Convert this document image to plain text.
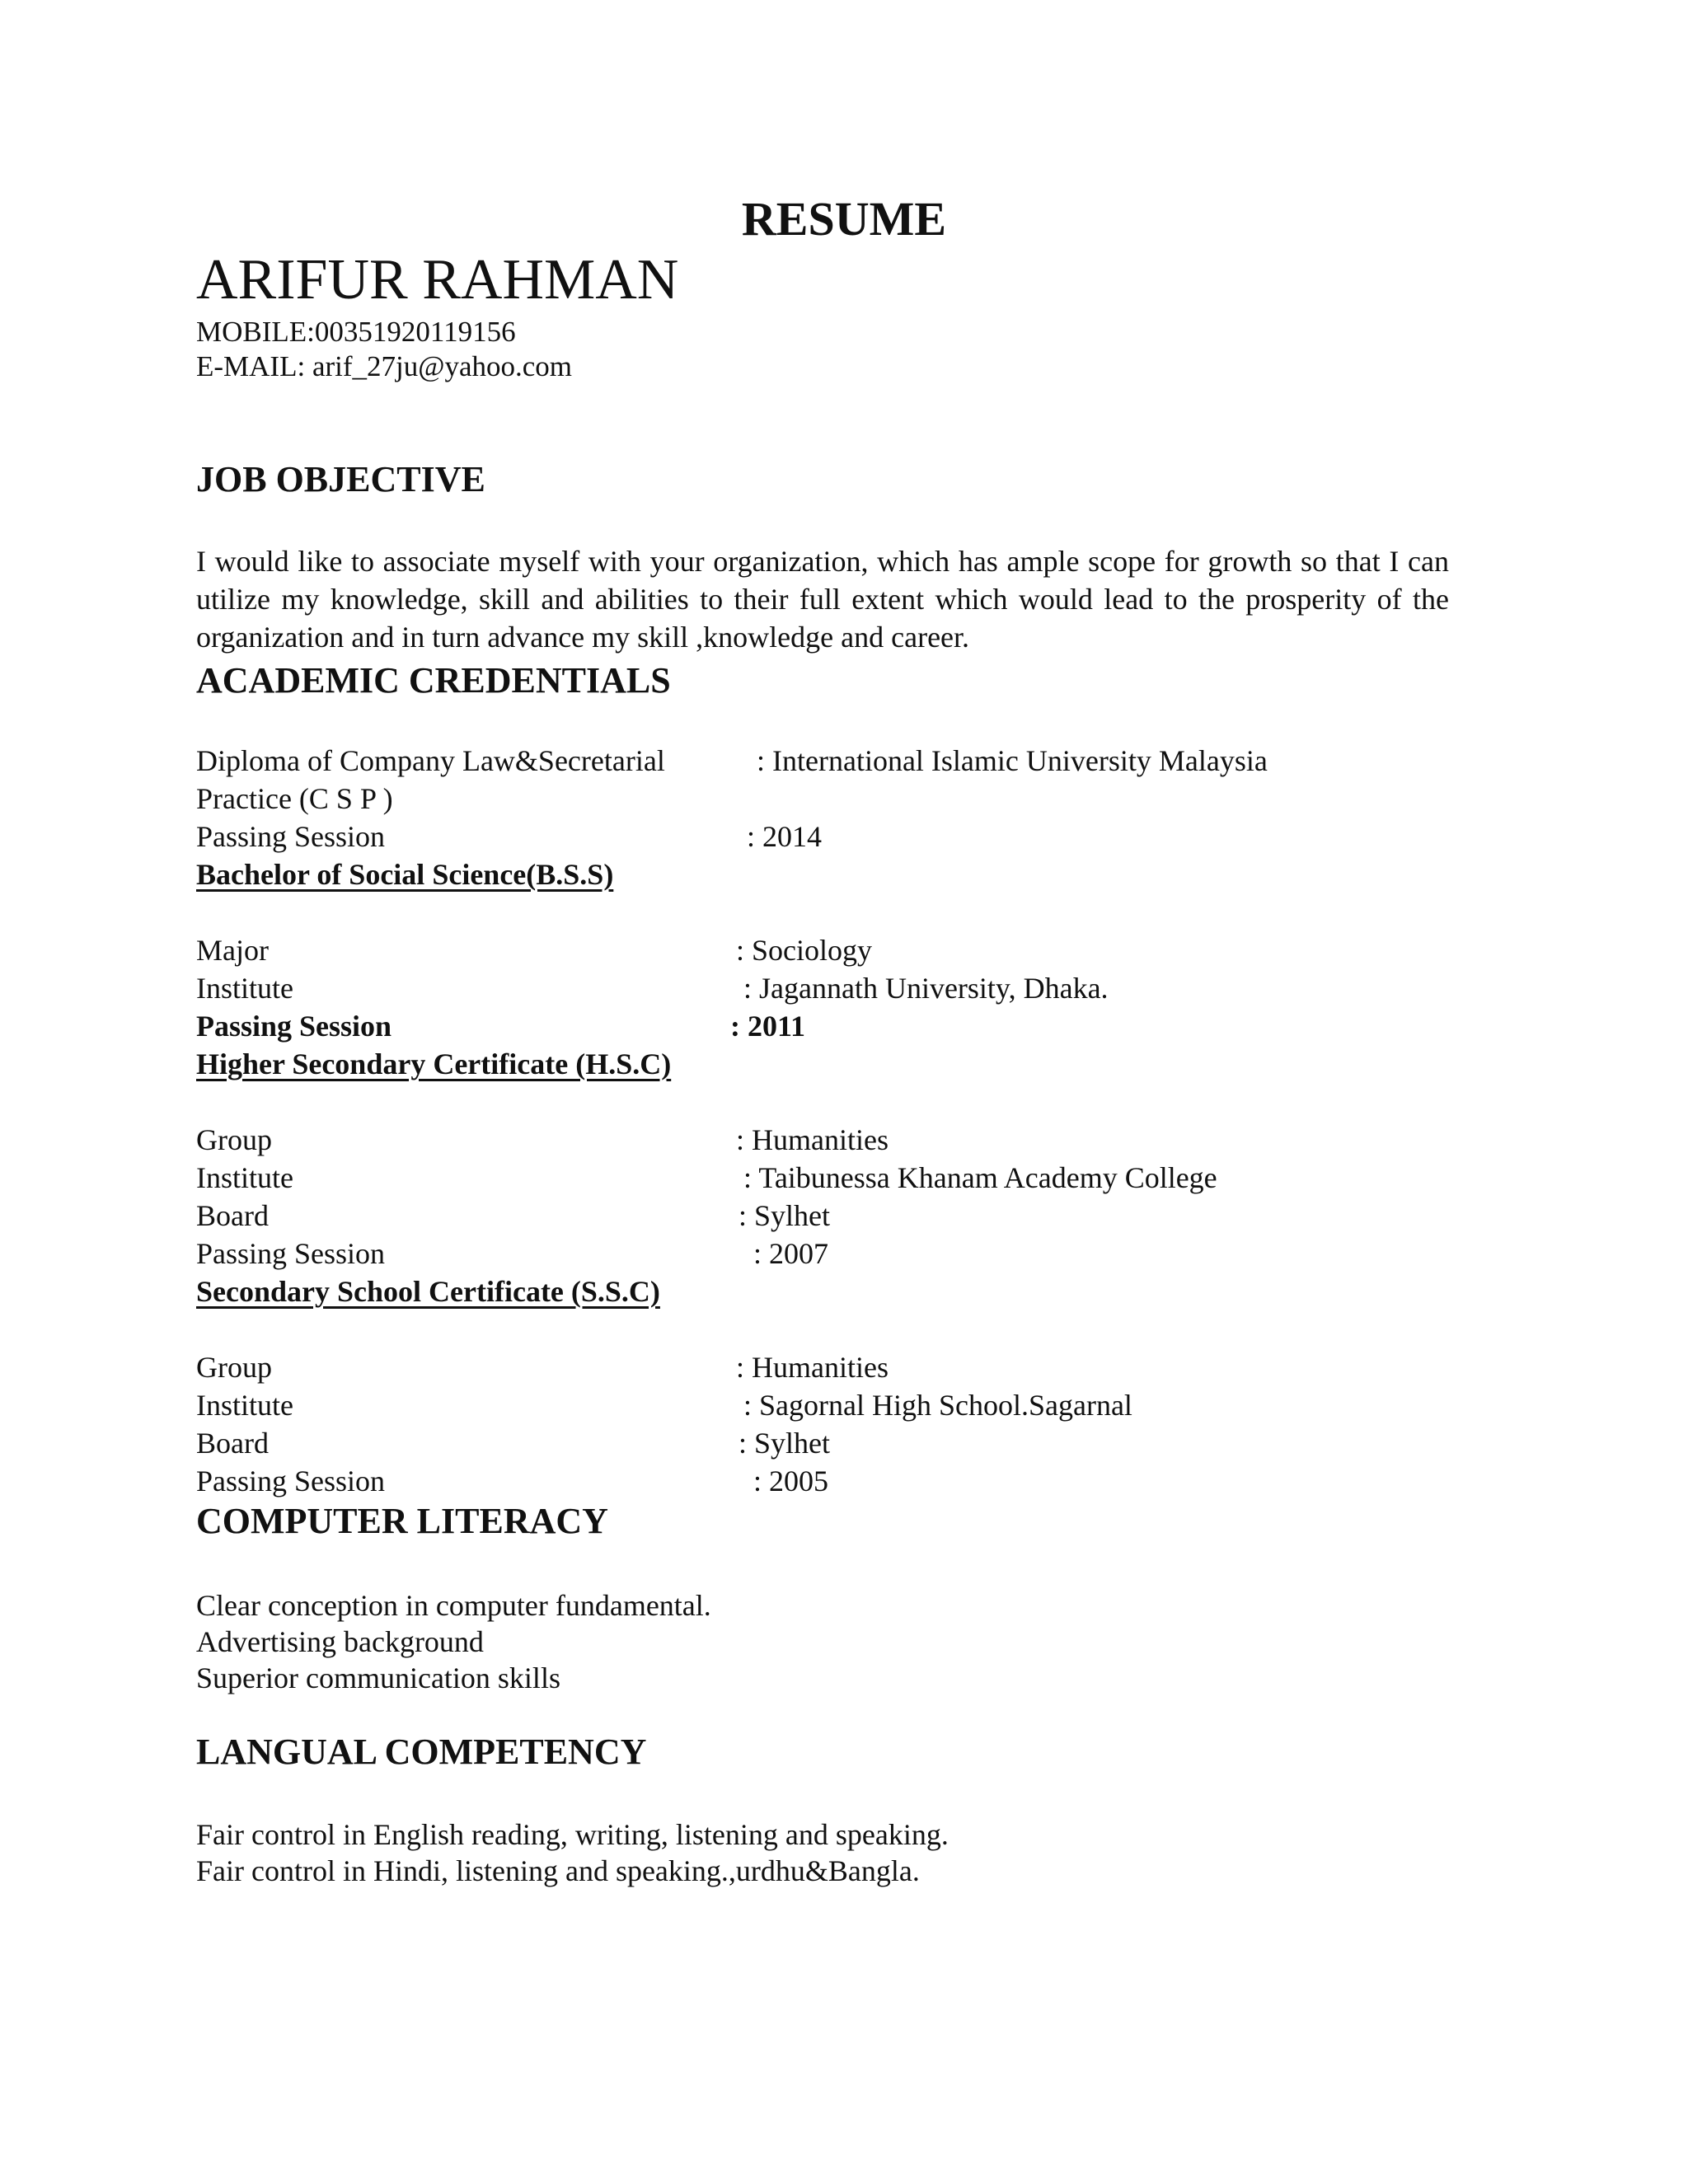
RESUME
ARIFUR RAHMAN
MOBILE:00351920119156
E-MAIL: arif_27ju@yahoo.com
JOB OBJECTIVE
I would like to associate myself with your organization, which has ample scope for growth so that I can utilize my knowledge, skill and abilities to their full extent which would lead to the prosperity of the organization and in turn advance my skill ,knowledge and career.
ACADEMIC CREDENTIALS
Diploma of Company Law&Secretarial	: International Islamic University Malaysia
Practice (C S P )
Passing Session	: 2014
Bachelor of Social Science(B.S.S)
Major	: Sociology
Institute	: Jagannath University, Dhaka.
Passing Session	: 2011
Higher Secondary Certificate (H.S.C)
Group	: Humanities
Institute	: Taibunessa Khanam Academy College
Board	: Sylhet
Passing Session	: 2007
Secondary School Certificate (S.S.C)
Group	: Humanities
Institute	: Sagornal High School.Sagarnal
Board	: Sylhet
Passing Session	: 2005
COMPUTER LITERACY
Clear conception in computer fundamental.
Advertising background
Superior communication skills
LANGUAL COMPETENCY
Fair control in English reading, writing, listening and speaking.
Fair control in Hindi, listening and speaking.,urdhu&Bangla.
